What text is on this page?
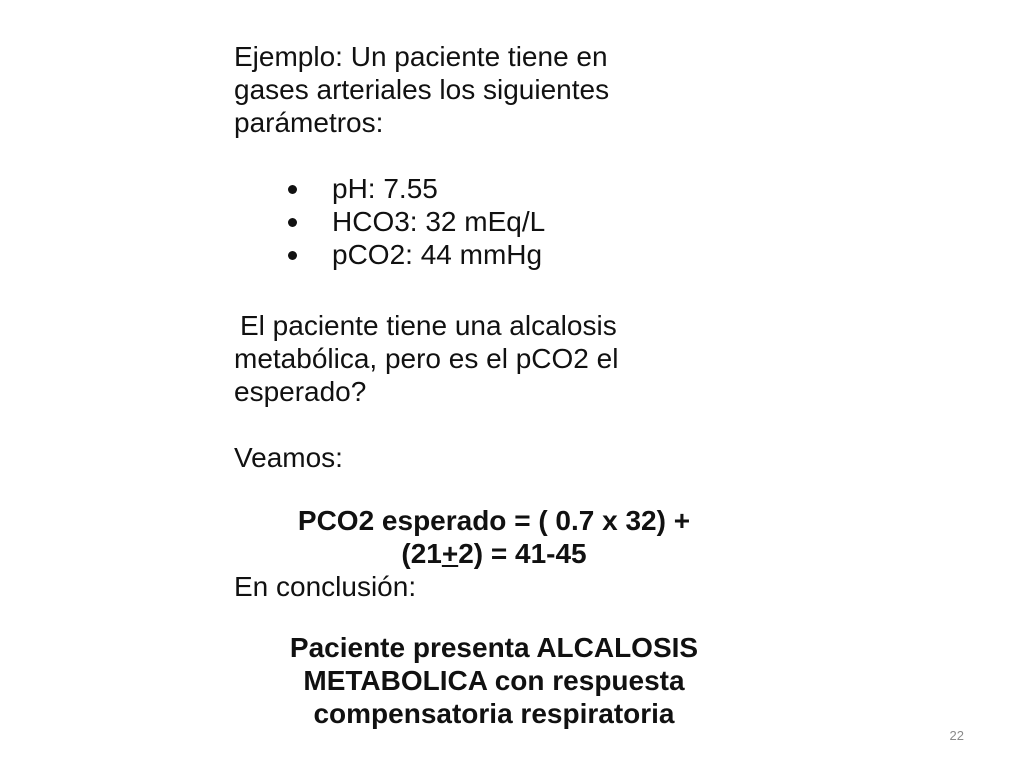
Ejemplo: Un paciente tiene en

gases arteriales los siguientes

parámetros:

pH: 7.55
HCO3: 32 mEq/L
pCO2: 44 mmHg

El paciente tiene una alcalosis

metabólica, pero es el pCO2 el

esperado?

Veamos:

PCO2 esperado = ( 0.7 x 32) +

(21+2) = 41-45

En conclusión:

Paciente presenta ALCALOSIS

METABOLICA con respuesta

compensatoria respiratoria

22
